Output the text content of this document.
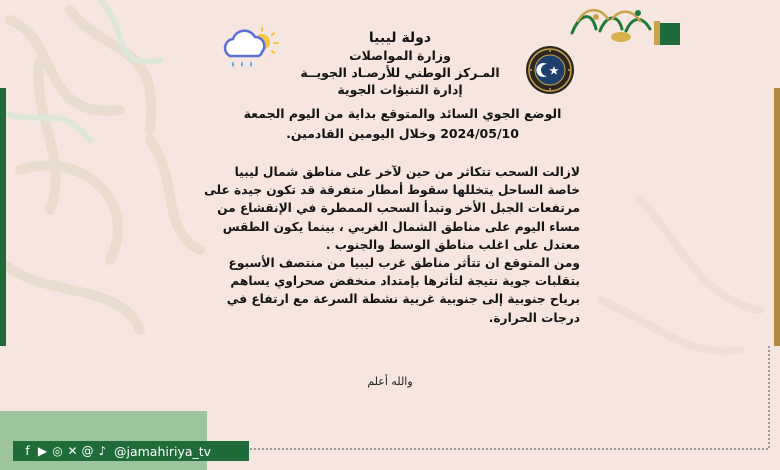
دولة ليبيا
وزارة المواصلات
المـركز الوطني للأرصـاد الجويــة
إدارة التنبؤات الجوية
الوضع الجوي السائد والمتوقع بداية من اليوم الجمعة
2024/05/10 وخلال اليومين القادمين.

لازالت السحب تتكاثر من حين لآخر على مناطق شمال ليبيا خاصة الساحل يتخللها سقوط أمطار متفرقة قد تكون جيدة على مرتفعات الجبل الأخر وتبدأ السحب الممطرة في الإنقشاع من مساء اليوم على مناطق الشمال الغربي ، بينما يكون الطقس معتدل على اغلب مناطق الوسط والجنوب .

ومن المتوقع ان تتأثر مناطق غرب ليبيا من منتصف الأسبوع بتقلبات جوية نتيجة لتأثرها بإمتداد منخفض صحراوي يساهم برياح جنوبية إلى جنوبية غربية نشطة السرعة مع ارتفاع في درجات الحرارة.

والله أعلم
f ▶ ◎ ✕ @ ♪ @jamahiriya_tv
